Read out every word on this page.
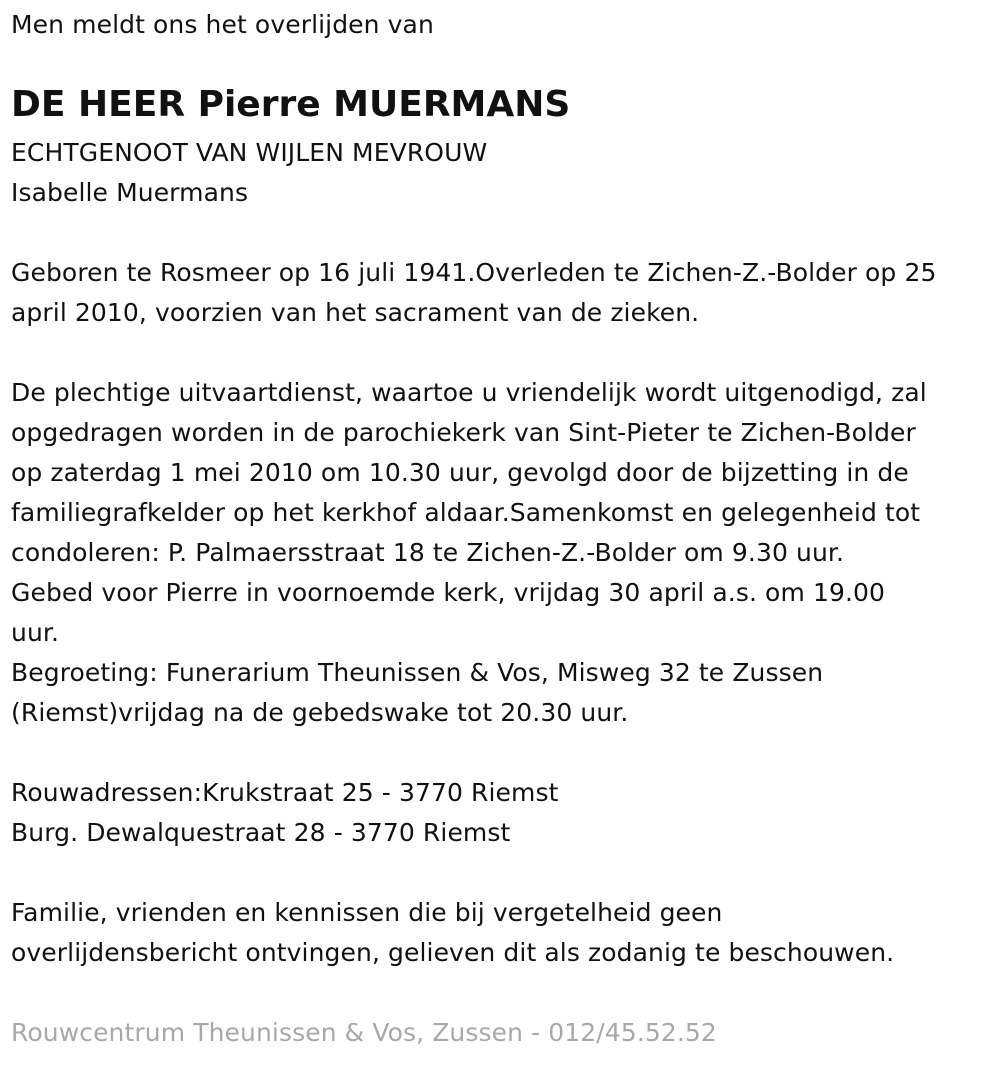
Men meldt ons het overlijden van
DE HEER Pierre MUERMANS
ECHTGENOOT VAN WIJLEN MEVROUW
Isabelle Muermans
Geboren te Rosmeer op 16 juli 1941.Overleden te Zichen-Z.-Bolder op 25
april 2010, voorzien van het sacrament van de zieken.
De plechtige uitvaartdienst, waartoe u vriendelijk wordt uitgenodigd, zal
opgedragen worden in de parochiekerk van Sint-Pieter te Zichen-Bolder
op zaterdag 1 mei 2010 om 10.30 uur, gevolgd door de bijzetting in de
familiegrafkelder op het kerkhof aldaar.Samenkomst en gelegenheid tot
condoleren: P. Palmaersstraat 18 te Zichen-Z.-Bolder om 9.30 uur.
Gebed voor Pierre in voornoemde kerk, vrijdag 30 april a.s. om 19.00
uur.
Begroeting: Funerarium Theunissen & Vos, Misweg 32 te Zussen
(Riemst)vrijdag na de gebedswake tot 20.30 uur.
Rouwadressen:Krukstraat 25 - 3770 Riemst
Burg. Dewalquestraat 28 - 3770 Riemst
Familie, vrienden en kennissen die bij vergetelheid geen
overlijdensbericht ontvingen, gelieven dit als zodanig te beschouwen.
Rouwcentrum Theunissen & Vos, Zussen - 012/45.52.52
